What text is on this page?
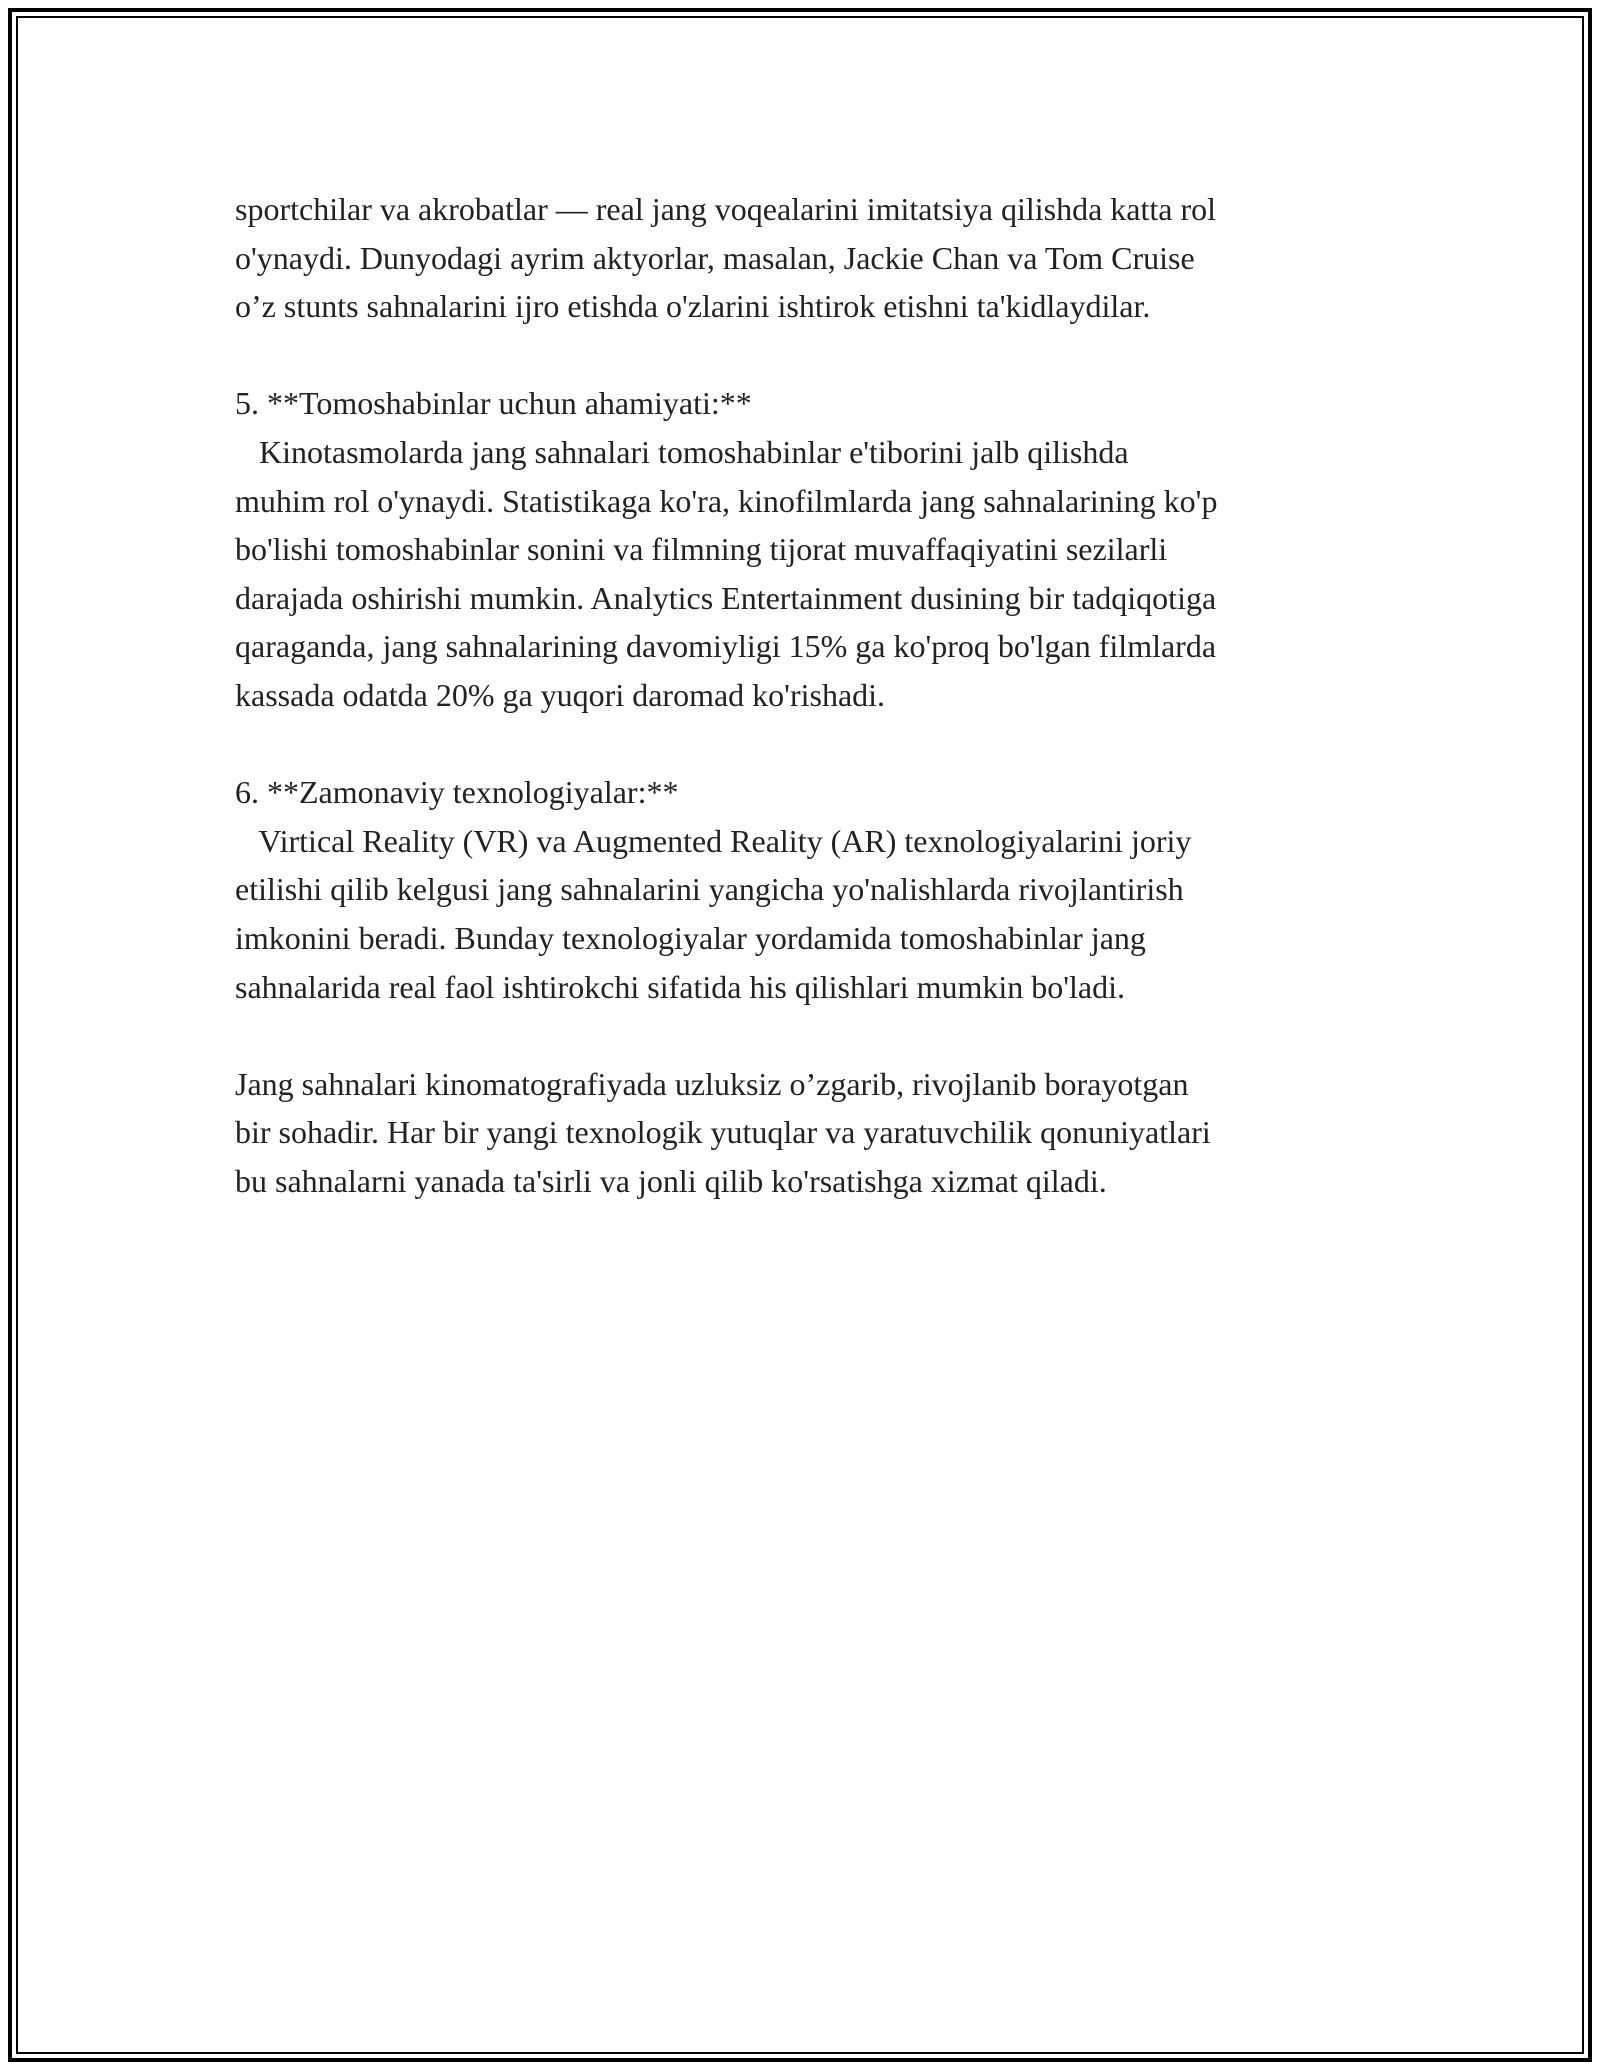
sportchilar va akrobatlar — real jang voqealarini imitatsiya qilishda katta rol
o'ynaydi. Dunyodagi ayrim aktyorlar, masalan, Jackie Chan va Tom Cruise
o’z stunts sahnalarini ijro etishda o'zlarini ishtirok etishni ta'kidlaydilar.
5. **Tomoshabinlar uchun ahamiyati:**
Kinotasmolarda jang sahnalari tomoshabinlar e'tiborini jalb qilishda
muhim rol o'ynaydi. Statistikaga ko'ra, kinofilmlarda jang sahnalarining ko'p
bo'lishi tomoshabinlar sonini va filmning tijorat muvaffaqiyatini sezilarli
darajada oshirishi mumkin. Analytics Entertainment dusining bir tadqiqotiga
qaraganda, jang sahnalarining davomiyligi 15% ga ko'proq bo'lgan filmlarda
kassada odatda 20% ga yuqori daromad ko'rishadi.
6. **Zamonaviy texnologiyalar:**
Virtical Reality (VR) va Augmented Reality (AR) texnologiyalarini joriy
etilishi qilib kelgusi jang sahnalarini yangicha yo'nalishlarda rivojlantirish
imkonini beradi. Bunday texnologiyalar yordamida tomoshabinlar jang
sahnalarida real faol ishtirokchi sifatida his qilishlari mumkin bo'ladi.
Jang sahnalari kinomatografiyada uzluksiz o’zgarib, rivojlanib borayotgan
bir sohadir. Har bir yangi texnologik yutuqlar va yaratuvchilik qonuniyatlari
bu sahnalarni yanada ta'sirli va jonli qilib ko'rsatishga xizmat qiladi.
